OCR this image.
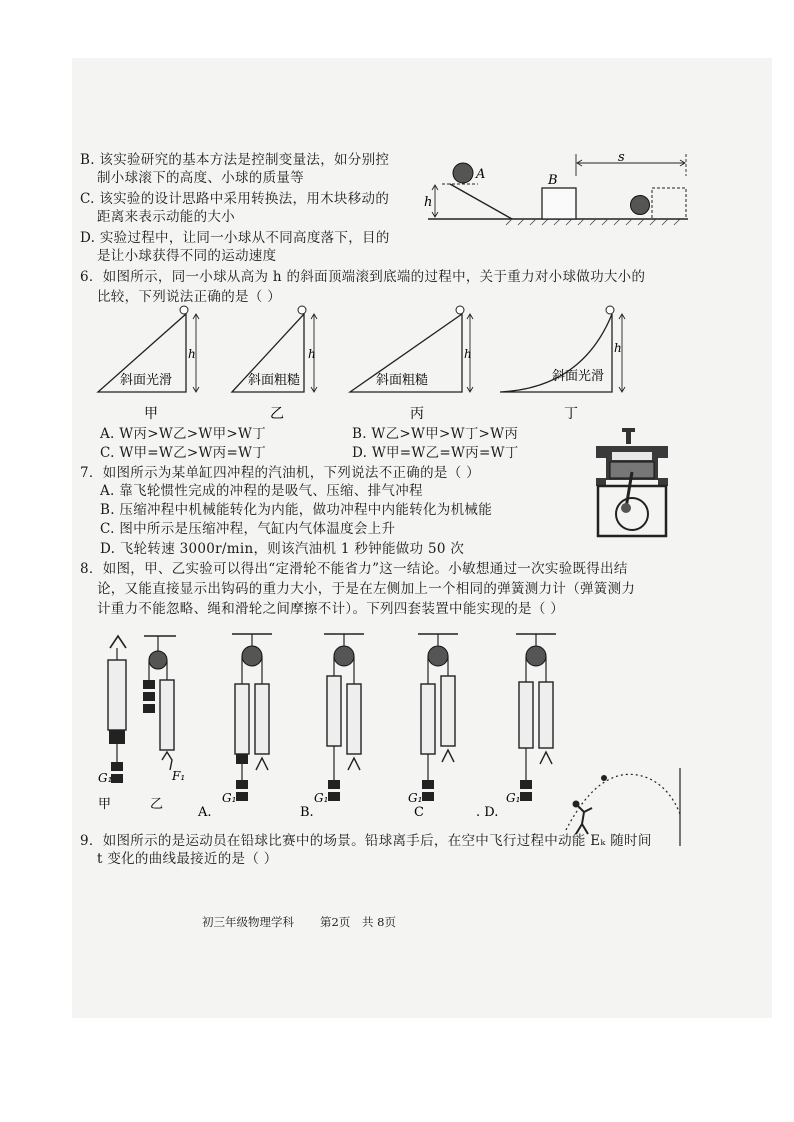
B. 该实验研究的基本方法是控制变量法，如分别控
制小球滚下的高度、小球的质量等
C. 该实验的设计思路中采用转换法，用木块移动的
距离来表示动能的大小
D. 实验过程中，让同一小球从不同高度落下，目的
是让小球获得不同的运动速度
A	B
h
s
6．如图所示，同一小球从高为 h 的斜面顶端滚到底端的过程中，关于重力对小球做功大小的
比较，下列说法正确的是（ ）
h
斜面光滑
h
斜面粗糙
h
斜面粗糙
h
斜面光滑
甲	乙	丙	丁
A. W丙>W乙>W甲>W丁	B. W乙>W甲>W丁>W丙
C. W甲=W乙>W丙=W丁	D. W甲=W乙=W丙=W丁
7．如图所示为某单缸四冲程的汽油机，下列说法不正确的是（ ）
A. 靠飞轮惯性完成的冲程的是吸气、压缩、排气冲程
B. 压缩冲程中机械能转化为内能，做功冲程中内能转化为机械能
C. 图中所示是压缩冲程，气缸内气体温度会上升
D. 飞轮转速 3000r/min，则该汽油机 1 秒钟能做功 50 次
8．如图，甲、乙实验可以得出“定滑轮不能省力”这一结论。小敏想通过一次实验既得出结
论，又能直接显示出钩码的重力大小，于是在左侧加上一个相同的弹簧测力计（弹簧测力
计重力不能忽略、绳和滑轮之间摩擦不计）。下列四套装置中能实现的是（ ）
G₁	F₁
甲	乙	G₁
A.
G₁
B.
G₁
C
G₁
. D.
9．如图所示的是运动员在铅球比赛中的场景。铅球离手后，在空中飞行过程中动能 Eₖ 随时间
t 变化的曲线最接近的是（ ）
初三年级物理学科 第2页 共 8页
